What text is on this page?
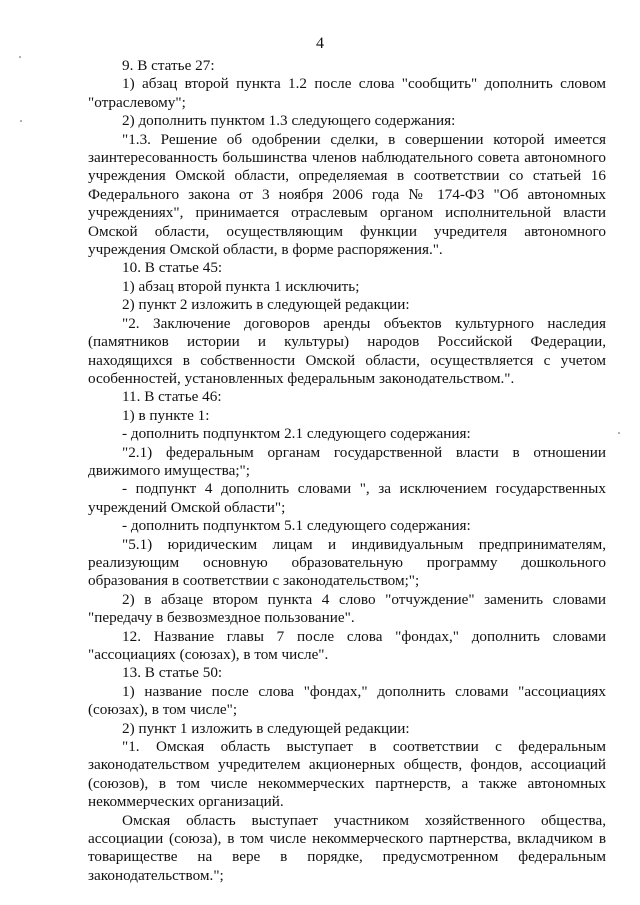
4

9. В статье 27:

1) абзац второй пункта 1.2 после слова "сообщить" дополнить словом "отраслевому";

2) дополнить пунктом 1.3 следующего содержания:

"1.3. Решение об одобрении сделки, в совершении которой имеется заинтересованность большинства членов наблюдательного совета автономного учреждения Омской области, определяемая в соответствии со статьей 16 Федерального закона от 3 ноября 2006 года № 174-ФЗ "Об автономных учреждениях", принимается отраслевым органом исполнительной власти Омской области, осуществляющим функции учредителя автономного учреждения Омской области, в форме распоряжения.".

10. В статье 45:

1) абзац второй пункта 1 исключить;

2) пункт 2 изложить в следующей редакции:

"2. Заключение договоров аренды объектов культурного наследия (памятников истории и культуры) народов Российской Федерации, находящихся в собственности Омской области, осуществляется с учетом особенностей, установленных федеральным законодательством.".

11. В статье 46:

1) в пункте 1:

- дополнить подпунктом 2.1 следующего содержания:

"2.1) федеральным органам государственной власти в отношении движимого имущества;";

- подпункт 4 дополнить словами ", за исключением государственных учреждений Омской области";

- дополнить подпунктом 5.1 следующего содержания:

"5.1) юридическим лицам и индивидуальным предпринимателям, реализующим основную образовательную программу дошкольного образования в соответствии с законодательством;";

2) в абзаце втором пункта 4 слово "отчуждение" заменить словами "передачу в безвозмездное пользование".

12. Название главы 7 после слова "фондах," дополнить словами "ассоциациях (союзах), в том числе".

13. В статье 50:

1) название после слова "фондах," дополнить словами "ассоциациях (союзах), в том числе";

2) пункт 1 изложить в следующей редакции:

"1. Омская область выступает в соответствии с федеральным законодательством учредителем акционерных обществ, фондов, ассоциаций (союзов), в том числе некоммерческих партнерств, а также автономных некоммерческих организаций.

Омская область выступает участником хозяйственного общества, ассоциации (союза), в том числе некоммерческого партнерства, вкладчиком в товариществе на вере в порядке, предусмотренном федеральным законодательством.";
